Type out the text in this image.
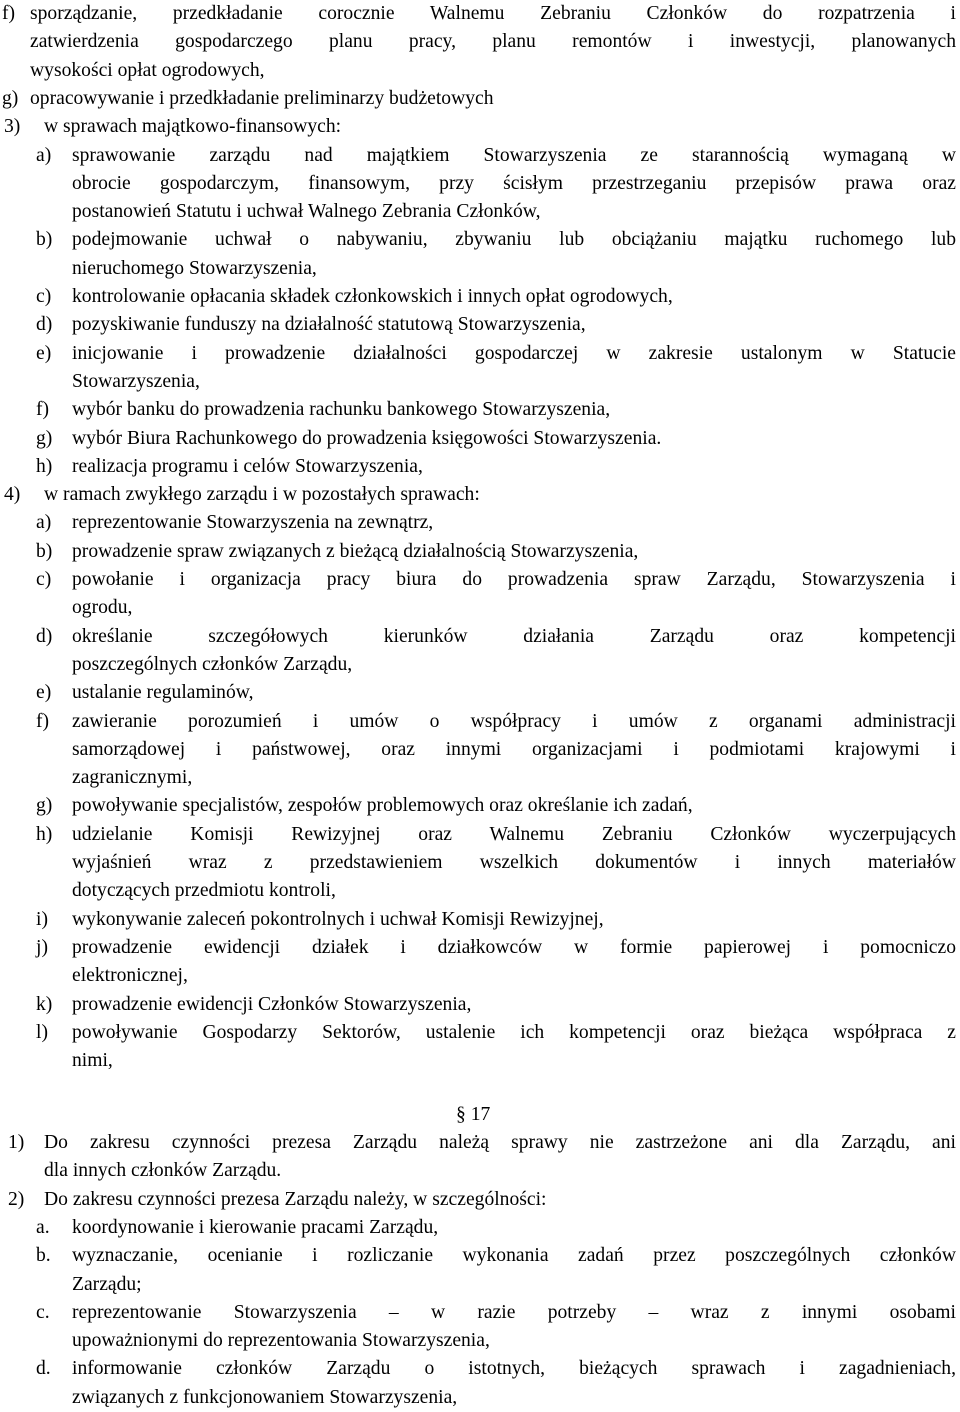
f) sporządzanie, przedkładanie corocznie Walnemu Zebraniu Członków do rozpatrzenia i
zatwierdzenia gospodarczego planu pracy, planu remontów i inwestycji, planowanych
wysokości opłat ogrodowych,
g) opracowywanie i przedkładanie preliminarzy budżetowych
3) w sprawach majątkowo-finansowych:
a) sprawowanie zarządu nad majątkiem Stowarzyszenia ze starannością wymaganą w
obrocie gospodarczym, finansowym, przy ścisłym przestrzeganiu przepisów prawa oraz
postanowień Statutu i uchwał Walnego Zebrania Członków,
b) podejmowanie uchwał o nabywaniu, zbywaniu lub obciążaniu majątku ruchomego lub
nieruchomego Stowarzyszenia,
c) kontrolowanie opłacania składek członkowskich i innych opłat ogrodowych,
d) pozyskiwanie funduszy na działalność statutową Stowarzyszenia,
e) inicjowanie i prowadzenie działalności gospodarczej w zakresie ustalonym w Statucie
Stowarzyszenia,
f) wybór banku do prowadzenia rachunku bankowego Stowarzyszenia,
g) wybór Biura Rachunkowego do prowadzenia księgowości Stowarzyszenia.
h) realizacja programu i celów Stowarzyszenia,
4) w ramach zwykłego zarządu i w pozostałych sprawach:
a) reprezentowanie Stowarzyszenia na zewnątrz,
b) prowadzenie spraw związanych z bieżącą działalnością Stowarzyszenia,
c) powołanie i organizacja pracy biura do prowadzenia spraw Zarządu, Stowarzyszenia i
ogrodu,
d) określanie szczegółowych kierunków działania Zarządu oraz kompetencji
poszczególnych członków Zarządu,
e) ustalanie regulaminów,
f) zawieranie porozumień i umów o współpracy i umów z organami administracji
samorządowej i państwowej, oraz innymi organizacjami i podmiotami krajowymi i
zagranicznymi,
g) powoływanie specjalistów, zespołów problemowych oraz określanie ich zadań,
h) udzielanie Komisji Rewizyjnej oraz Walnemu Zebraniu Członków wyczerpujących
wyjaśnień wraz z przedstawieniem wszelkich dokumentów i innych materiałów
dotyczących przedmiotu kontroli,
i) wykonywanie zaleceń pokontrolnych i uchwał Komisji Rewizyjnej,
j) prowadzenie ewidencji działek i działkowców w formie papierowej i pomocniczo
elektronicznej,
k) prowadzenie ewidencji Członków Stowarzyszenia,
l) powoływanie Gospodarzy Sektorów, ustalenie ich kompetencji oraz bieżąca współpraca z
nimi,
§ 17
1) Do zakresu czynności prezesa Zarządu należą sprawy nie zastrzeżone ani dla Zarządu, ani
dla innych członków Zarządu.
2) Do zakresu czynności prezesa Zarządu należy, w szczególności:
a. koordynowanie i kierowanie pracami Zarządu,
b. wyznaczanie, ocenianie i rozliczanie wykonania zadań przez poszczególnych członków
Zarządu;
c. reprezentowanie Stowarzyszenia – w razie potrzeby – wraz z innymi osobami
upoważnionymi do reprezentowania Stowarzyszenia,
d. informowanie członków Zarządu o istotnych, bieżących sprawach i zagadnieniach,
związanych z funkcjonowaniem Stowarzyszenia,
